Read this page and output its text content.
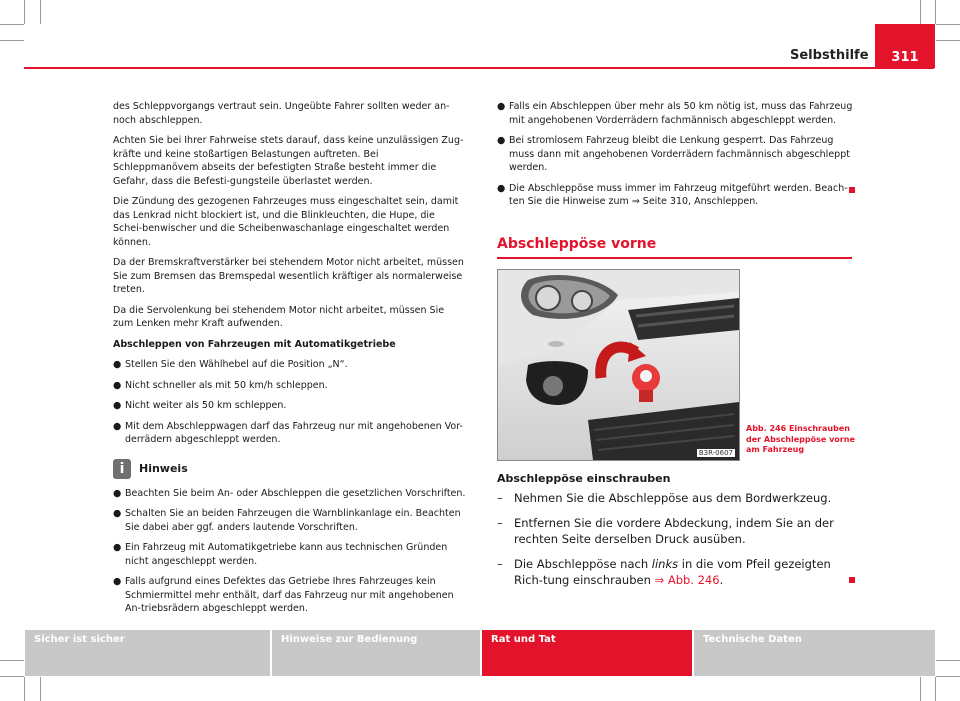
Selbsthilfe	311

des Schleppvorgangs vertraut sein. Ungeübte Fahrer sollten weder an- noch abschleppen.

Achten Sie bei Ihrer Fahrweise stets darauf, dass keine unzulässigen Zug-kräfte und keine stoßartigen Belastungen auftreten. Bei Schleppmanövem abseits der befestigten Straße besteht immer die Gefahr, dass die Befesti-gungsteile überlastet werden.

Die Zündung des gezogenen Fahrzeuges muss eingeschaltet sein, damit das Lenkrad nicht blockiert ist, und die Blinkleuchten, die Hupe, die Schei-benwischer und die Scheibenwaschanlage eingeschaltet werden können.

Da der Bremskraftverstärker bei stehendem Motor nicht arbeitet, müssen Sie zum Bremsen das Bremspedal wesentlich kräftiger als normalerweise treten.

Da die Servolenkung bei stehendem Motor nicht arbeitet, müssen Sie zum Lenken mehr Kraft aufwenden.

Abschleppen von Fahrzeugen mit Automatikgetriebe

● Stellen Sie den Wählhebel auf die Position „N“.
● Nicht schneller als mit 50 km/h schleppen.
● Nicht weiter als 50 km schleppen.
● Mit dem Abschleppwagen darf das Fahrzeug nur mit angehobenen Vor-derrädern abgeschleppt werden.
i	Hinweis
● Beachten Sie beim An- oder Abschleppen die gesetzlichen Vorschriften.
● Schalten Sie an beiden Fahrzeugen die Warnblinkanlage ein. Beachten Sie dabei aber ggf. anders lautende Vorschriften.
● Ein Fahrzeug mit Automatikgetriebe kann aus technischen Gründen nicht angeschleppt werden.
● Falls aufgrund eines Defektes das Getriebe Ihres Fahrzeuges kein Schmiermittel mehr enthält, darf das Fahrzeug nur mit angehobenen An-triebsrädern abgeschleppt werden.
● Falls ein Abschleppen über mehr als 50 km nötig ist, muss das Fahrzeug mit angehobenen Vorderrädern fachmännisch abgeschleppt werden.
● Bei stromlosem Fahrzeug bleibt die Lenkung gesperrt. Das Fahrzeug muss dann mit angehobenen Vorderrädern fachmännisch abgeschleppt werden.
● Die Abschleppöse muss immer im Fahrzeug mitgeführt werden. Beach-ten Sie die Hinweise zum ⇒ Seite 310, Anschleppen.
Abschleppöse vorne
B3R-0607
Abb. 246 Einschrauben der Abschleppöse vorne am Fahrzeug
Abschleppöse einschrauben
– Nehmen Sie die Abschleppöse aus dem Bordwerkzeug.
– Entfernen Sie die vordere Abdeckung, indem Sie an der rechten Seite derselben Druck ausüben.
– Die Abschleppöse nach links in die vom Pfeil gezeigten Rich-tung einschrauben ⇒ Abb. 246.
Sicher ist sicher	Hinweise zur Bedienung	Rat und Tat	Technische Daten
